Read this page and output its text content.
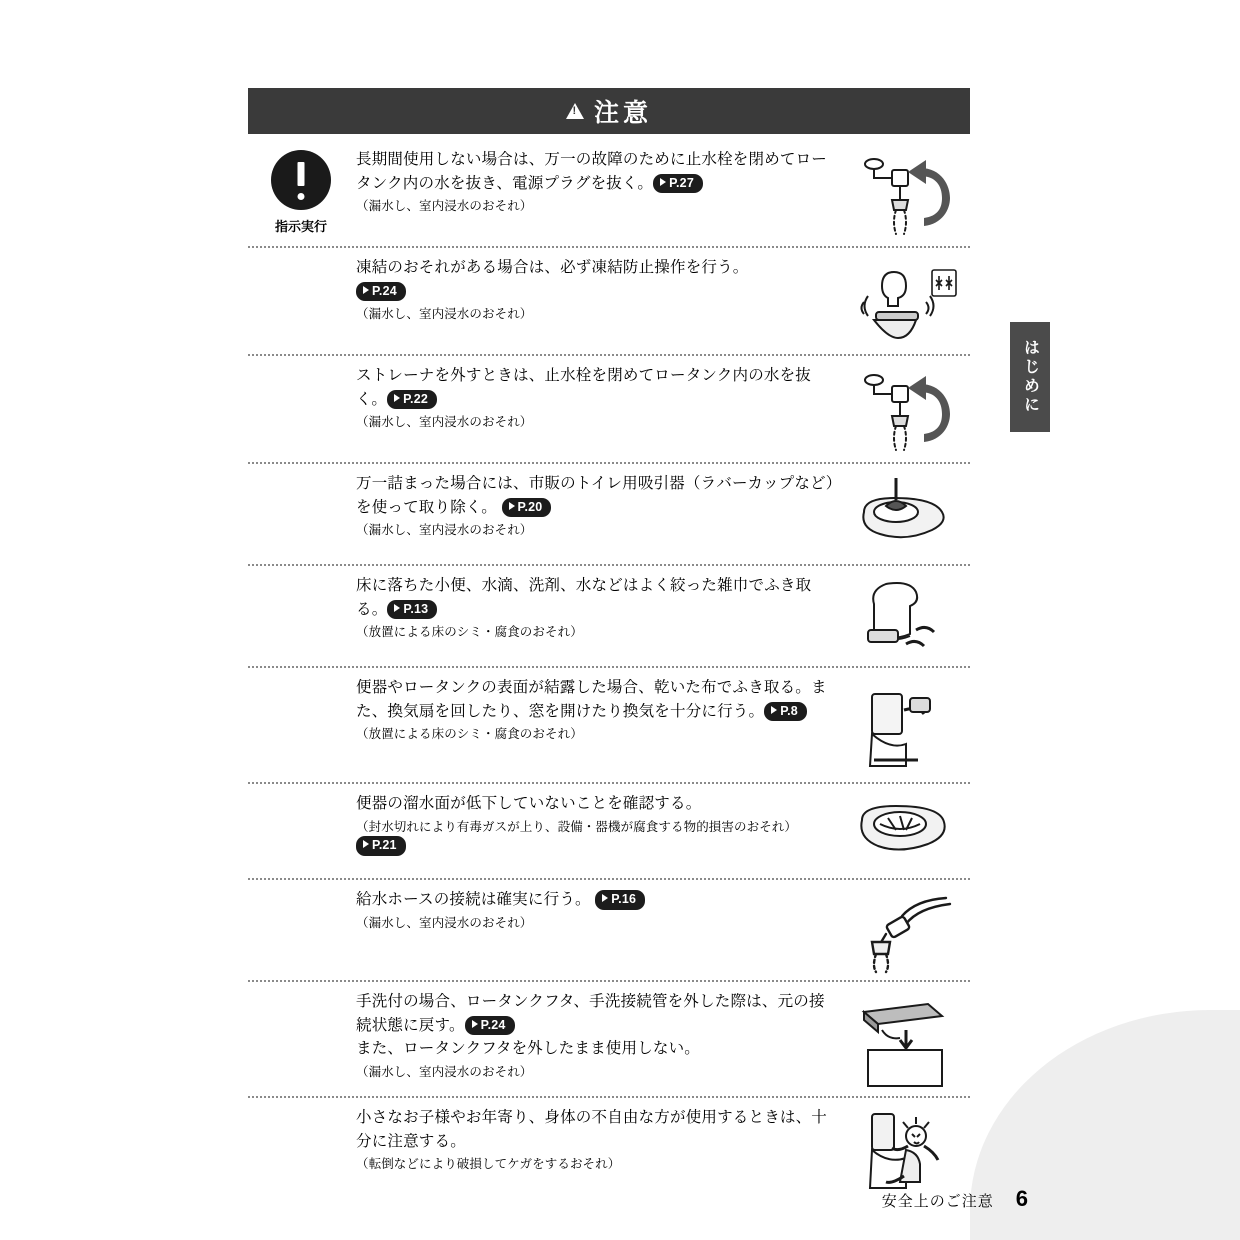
はじめに
!
注意
長期間使用しない場合は、万一の故障のために止水栓を閉めてロータンク内の水を抜き、電源プラグを抜く。 P.27
（漏水し、室内浸水のおそれ）
凍結のおそれがある場合は、必ず凍結防止操作を行う。
P.24
（漏水し、室内浸水のおそれ）
ストレーナを外すときは、止水栓を閉めてロータンク内の水を抜く。 P.22
（漏水し、室内浸水のおそれ）
万一詰まった場合には、市販のトイレ用吸引器（ラバーカップなど）を使って取り除く。 P.20
（漏水し、室内浸水のおそれ）
床に落ちた小便、水滴、洗剤、水などはよく絞った雑巾でふき取る。 P.13
（放置による床のシミ・腐食のおそれ）
便器やロータンクの表面が結露した場合、乾いた布でふき取る。また、換気扇を回したり、窓を開けたり換気を十分に行う。 P.8
（放置による床のシミ・腐食のおそれ）
便器の溜水面が低下していないことを確認する。
（封水切れにより有毒ガスが上り、設備・器機が腐食する物的損害のおそれ） P.21
給水ホースの接続は確実に行う。 P.16
（漏水し、室内浸水のおそれ）
手洗付の場合、ロータンクフタ、手洗接続管を外した際は、元の接続状態に戻す。 P.24
また、ロータンクフタを外したまま使用しない。
（漏水し、室内浸水のおそれ）
小さなお子様やお年寄り、身体の不自由な方が使用するときは、十分に注意する。
（転倒などにより破損してケガをするおそれ）
指示実行
安全上のご注意 6
